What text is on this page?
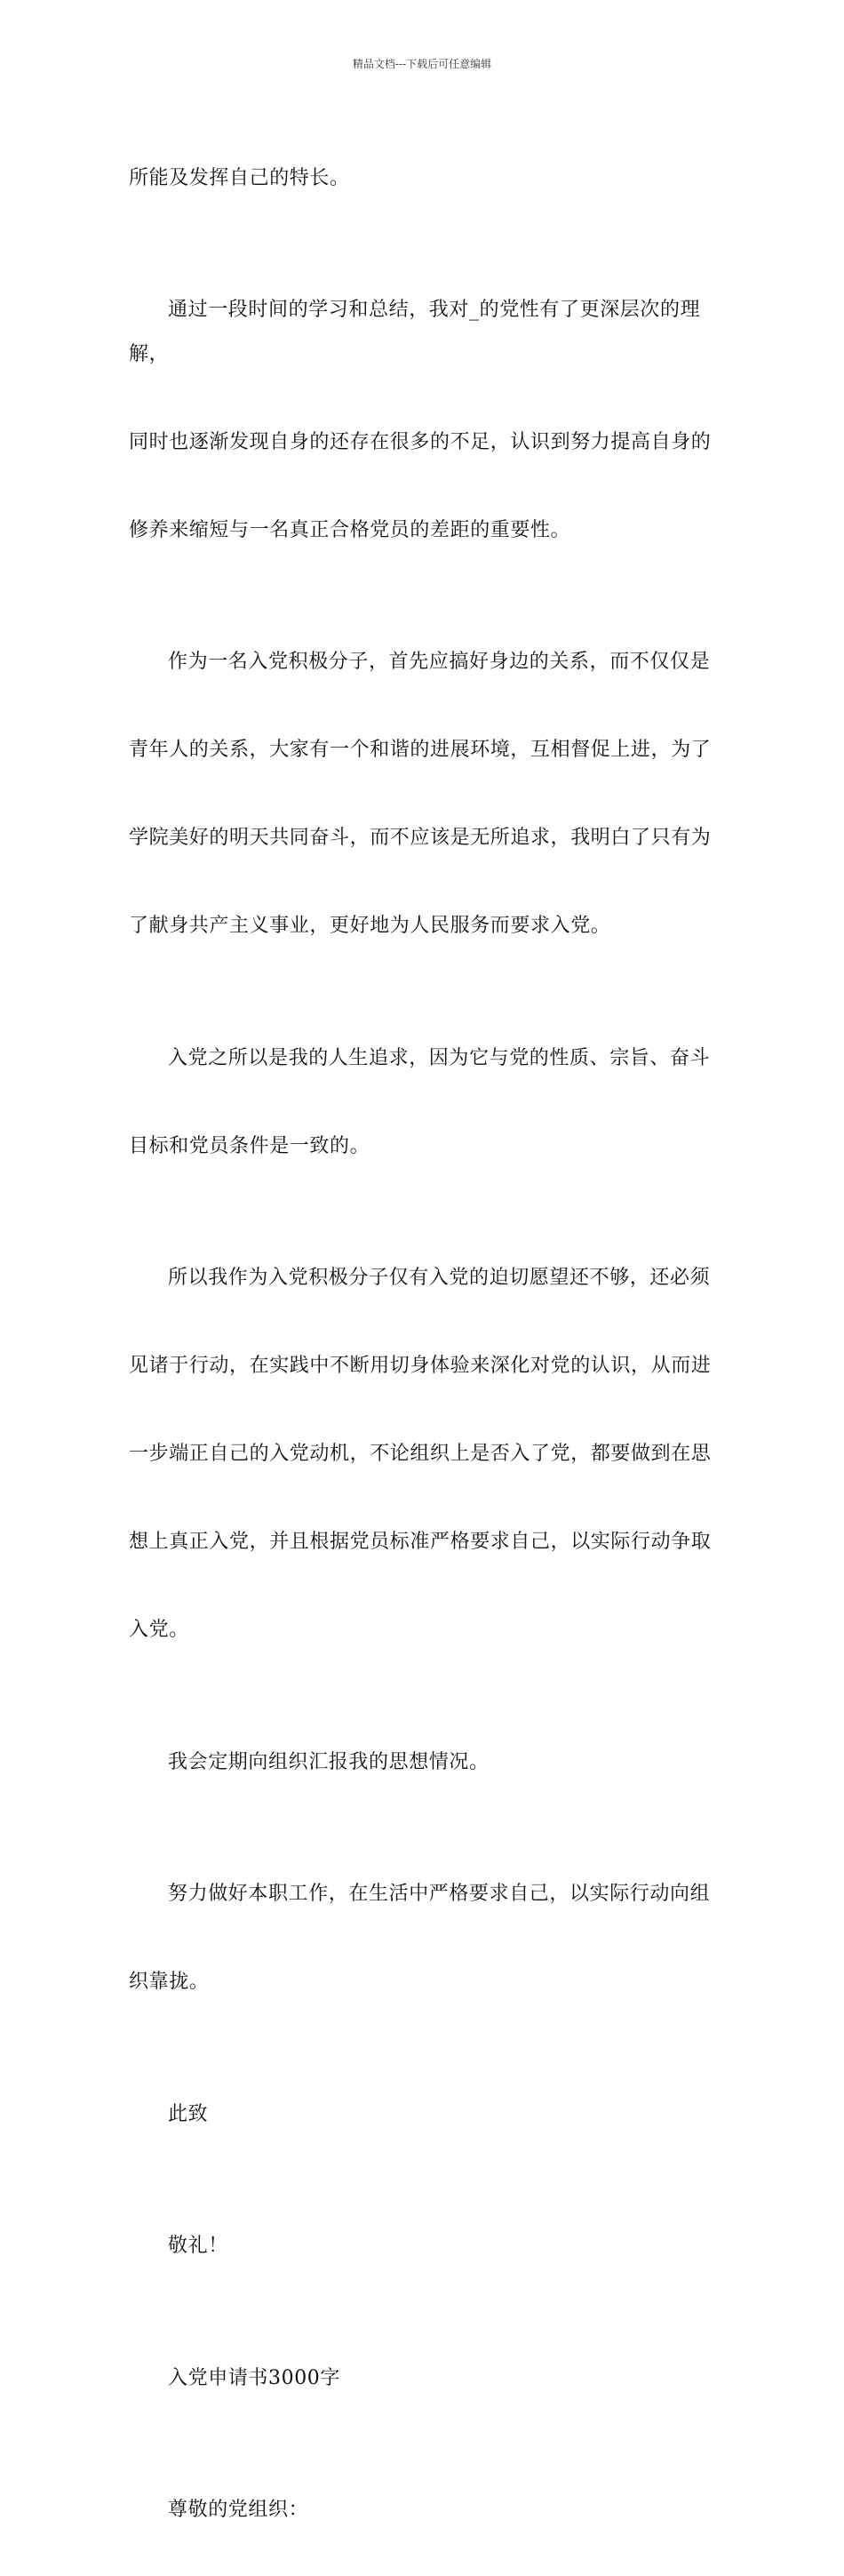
精品文档---下载后可任意编辑

所能及发挥自己的特长。

通过一段时间的学习和总结，我对_的党性有了更深层次的理解，

同时也逐渐发现自身的还存在很多的不足，认识到努力提高自身的

修养来缩短与一名真正合格党员的差距的重要性。

作为一名入党积极分子，首先应搞好身边的关系，而不仅仅是

青年人的关系，大家有一个和谐的进展环境，互相督促上进，为了

学院美好的明天共同奋斗，而不应该是无所追求，我明白了只有为

了献身共产主义事业，更好地为人民服务而要求入党。

入党之所以是我的人生追求，因为它与党的性质、宗旨、奋斗

目标和党员条件是一致的。

所以我作为入党积极分子仅有入党的迫切愿望还不够，还必须

见诸于行动，在实践中不断用切身体验来深化对党的认识，从而进

一步端正自己的入党动机，不论组织上是否入了党，都要做到在思

想上真正入党，并且根据党员标准严格要求自己，以实际行动争取

入党。

我会定期向组织汇报我的思想情况。

努力做好本职工作，在生活中严格要求自己，以实际行动向组

织靠拢。

此致

敬礼！

入党申请书3000字

尊敬的党组织：
